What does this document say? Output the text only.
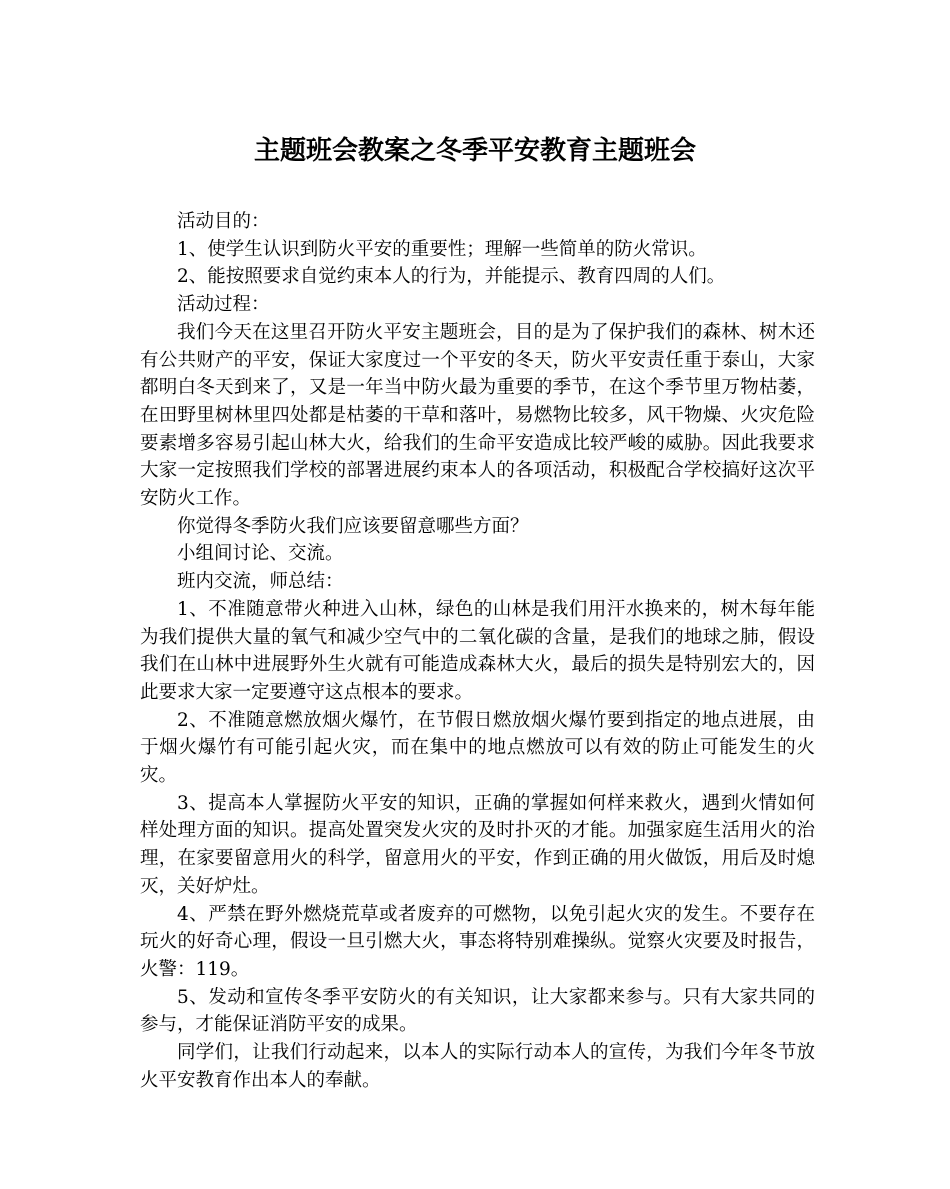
主题班会教案之冬季平安教育主题班会

活动目的：

1、使学生认识到防火平安的重要性；理解一些简单的防火常识。

2、能按照要求自觉约束本人的行为，并能提示、教育四周的人们。

活动过程：

我们今天在这里召开防火平安主题班会，目的是为了保护我们的森林、树木还有公共财产的平安，保证大家度过一个平安的冬天，防火平安责任重于泰山，大家都明白冬天到来了，又是一年当中防火最为重要的季节，在这个季节里万物枯萎，在田野里树林里四处都是枯萎的干草和落叶，易燃物比较多，风干物燥、火灾危险要素增多容易引起山林大火，给我们的生命平安造成比较严峻的威胁。因此我要求大家一定按照我们学校的部署进展约束本人的各项活动，积极配合学校搞好这次平安防火工作。

你觉得冬季防火我们应该要留意哪些方面？

小组间讨论、交流。

班内交流，师总结：

1、不准随意带火种进入山林，绿色的山林是我们用汗水换来的，树木每年能为我们提供大量的氧气和减少空气中的二氧化碳的含量，是我们的地球之肺，假设我们在山林中进展野外生火就有可能造成森林大火，最后的损失是特别宏大的，因此要求大家一定要遵守这点根本的要求。

2、不准随意燃放烟火爆竹，在节假日燃放烟火爆竹要到指定的地点进展，由于烟火爆竹有可能引起火灾，而在集中的地点燃放可以有效的防止可能发生的火灾。

3、提高本人掌握防火平安的知识，正确的掌握如何样来救火，遇到火情如何样处理方面的知识。提高处置突发火灾的及时扑灭的才能。加强家庭生活用火的治理，在家要留意用火的科学，留意用火的平安，作到正确的用火做饭，用后及时熄灭，关好炉灶。

4、严禁在野外燃烧荒草或者废弃的可燃物，以免引起火灾的发生。不要存在玩火的好奇心理，假设一旦引燃大火，事态将特别难操纵。觉察火灾要及时报告，火警：119。

5、发动和宣传冬季平安防火的有关知识，让大家都来参与。只有大家共同的参与，才能保证消防平安的成果。

同学们，让我们行动起来，以本人的实际行动本人的宣传，为我们今年冬节放火平安教育作出本人的奉献。
